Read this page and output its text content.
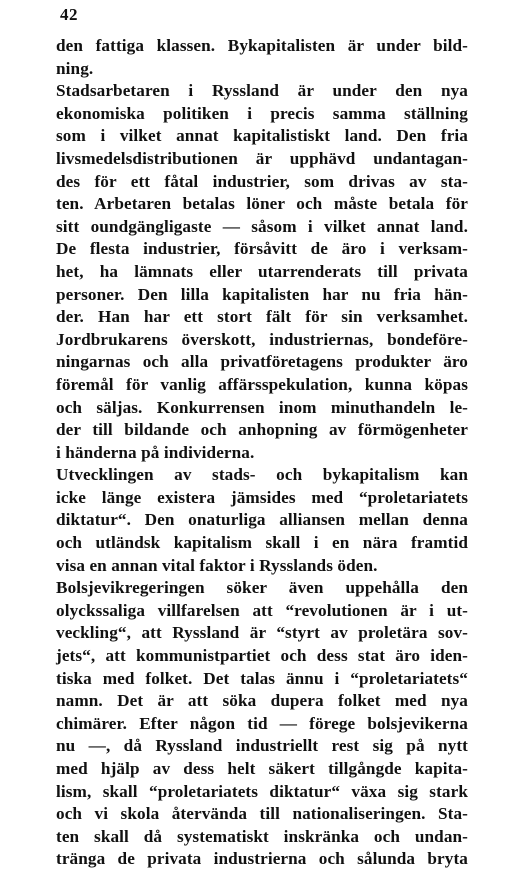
42
den fattiga klassen. Bykapitalisten är under bild-
ning.
Stadsarbetaren i Ryssland är under den nya
ekonomiska politiken i precis samma ställning
som i vilket annat kapitalistiskt land. Den fria
livsmedelsdistributionen är upphävd undantagan-
des för ett fåtal industrier, som drivas av sta-
ten. Arbetaren betalas löner och måste betala för
sitt oundgängligaste — såsom i vilket annat land.
De flesta industrier, försåvitt de äro i verksam-
het, ha lämnats eller utarrenderats till privata
personer. Den lilla kapitalisten har nu fria hän-
der. Han har ett stort fält för sin verksamhet.
Jordbrukarens överskott, industriernas, bondeföre-
ningarnas och alla privatföretagens produkter äro
föremål för vanlig affärsspekulation, kunna köpas
och säljas. Konkurrensen inom minuthandeln le-
der till bildande och anhopning av förmögenheter
i händerna på individerna.
Utvecklingen av stads- och bykapitalism kan
icke länge existera jämsides med “proletariatets
diktatur“. Den onaturliga alliansen mellan denna
och utländsk kapitalism skall i en nära framtid
visa en annan vital faktor i Rysslands öden.
Bolsjevikregeringen söker även uppehålla den
olyckssaliga villfarelsen att “revolutionen är i ut-
veckling“, att Ryssland är “styrt av proletära sov-
jets“, att kommunistpartiet och dess stat äro iden-
tiska med folket. Det talas ännu i “proletariatets“
namn. Det är att söka dupera folket med nya
chimärer. Efter någon tid — förege bolsjevikerna
nu —, då Ryssland industriellt rest sig på nytt
med hjälp av dess helt säkert tillgångde kapita-
lism, skall “proletariatets diktatur“ växa sig stark
och vi skola återvända till nationaliseringen. Sta-
ten skall då systematiskt inskränka och undan-
tränga de privata industrierna och sålunda bryta
